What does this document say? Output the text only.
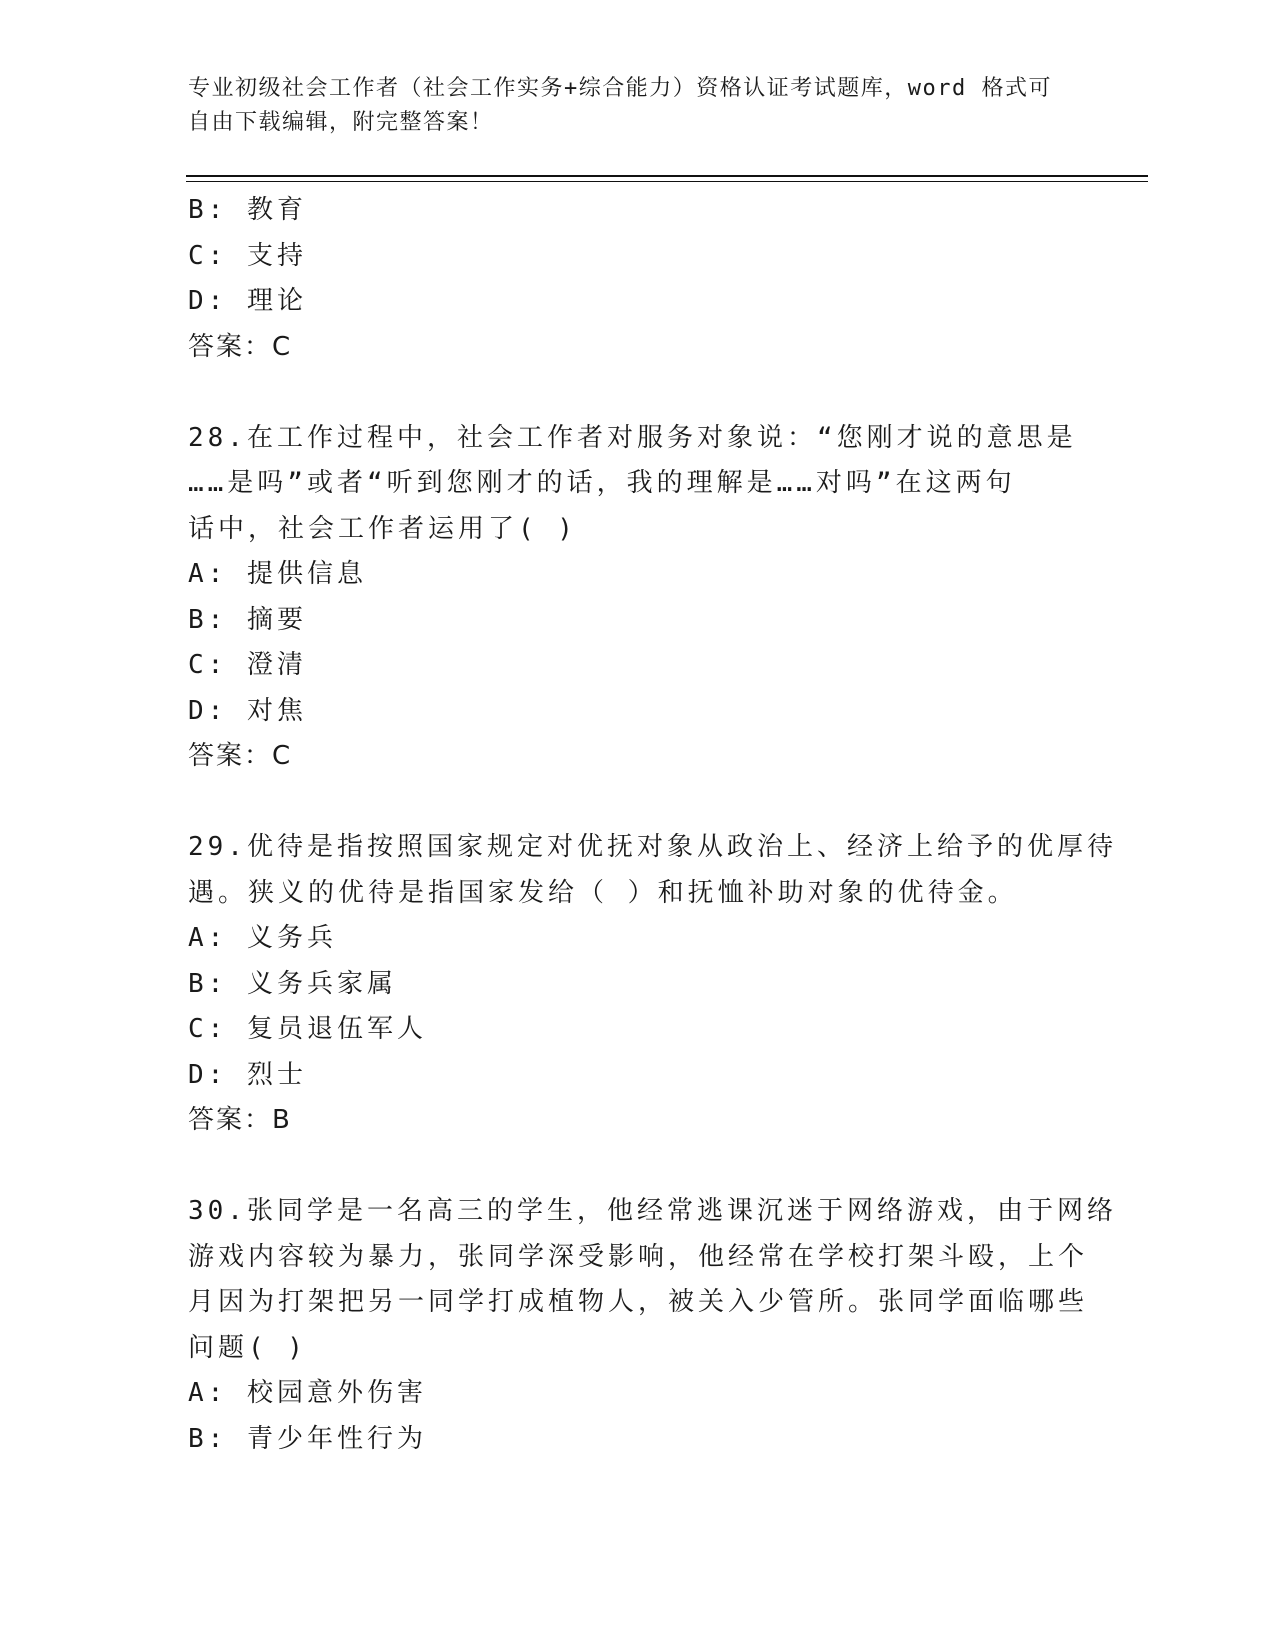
专业初级社会工作者（社会工作实务+综合能力）资格认证考试题库，word 格式可
自由下载编辑，附完整答案！
B: 教育
C: 支持
D: 理论
答案：C
28.在工作过程中，社会工作者对服务对象说：“您刚才说的意思是
……是吗”或者“听到您刚才的话，我的理解是……对吗”在这两句
话中，社会工作者运用了( )
A: 提供信息
B: 摘要
C: 澄清
D: 对焦
答案：C
29.优待是指按照国家规定对优抚对象从政治上、经济上给予的优厚待
遇。狭义的优待是指国家发给（ ）和抚恤补助对象的优待金。
A: 义务兵
B: 义务兵家属
C: 复员退伍军人
D: 烈士
答案：B
30.张同学是一名高三的学生，他经常逃课沉迷于网络游戏，由于网络
游戏内容较为暴力，张同学深受影响，他经常在学校打架斗殴，上个
月因为打架把另一同学打成植物人，被关入少管所。张同学面临哪些
问题( )
A: 校园意外伤害
B: 青少年性行为
